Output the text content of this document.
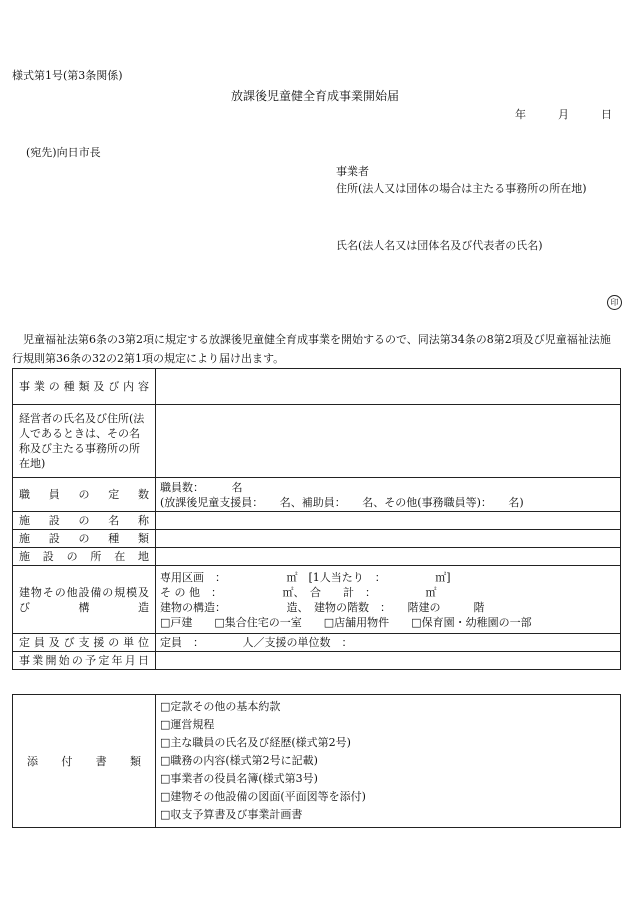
様式第1号(第3条関係)
放課後児童健全育成事業開始届
年	月	日
(宛先)向日市長
事業者
住所(法人又は団体の場合は主たる事務所の所在地)
氏名(法人名又は団体名及び代表者の氏名)
印
児童福祉法第6条の3第2項に規定する放課後児童健全育成事業を開始するので、同法第34条の8第2項及び児童福祉法施行規則第36条の32の2第1項の規定により届け出ます。
事業の種類及び内容	
経営者の氏名及び住所(法人であるときは、その名称及び主たる事務所の所在地)	
職員の定数	職員数：　　　名
(放課後児童支援員：　　名、補助員：　　名、その他(事務職員等)：　　名)

施設の名称	
施設の種類	
施設の所在地	
建物その他設備の規模及び構造	専用区画　：　　　　　　㎡　[1人当たり　：　　　　　㎡]
そ の 他　：　　　　　　㎡、　合　　計　：　　　　　㎡
建物の構造：　　　　　　造、　建物の階数　：　　階建の　　　階
□戸建　　□集合住宅の一室　　□店舗用物件　　□保育園・幼稚園の一部

定員及び支援の単位	定員　：　　　　人／支援の単位数　：
事業開始の予定年月日	
添付書類	
□定款その他の基本約款
□運営規程
□主な職員の氏名及び経歴(様式第2号)
□職務の内容(様式第2号に記載)
□事業者の役員名簿(様式第3号)
□建物その他設備の図面(平面図等を添付)
□収支予算書及び事業計画書
